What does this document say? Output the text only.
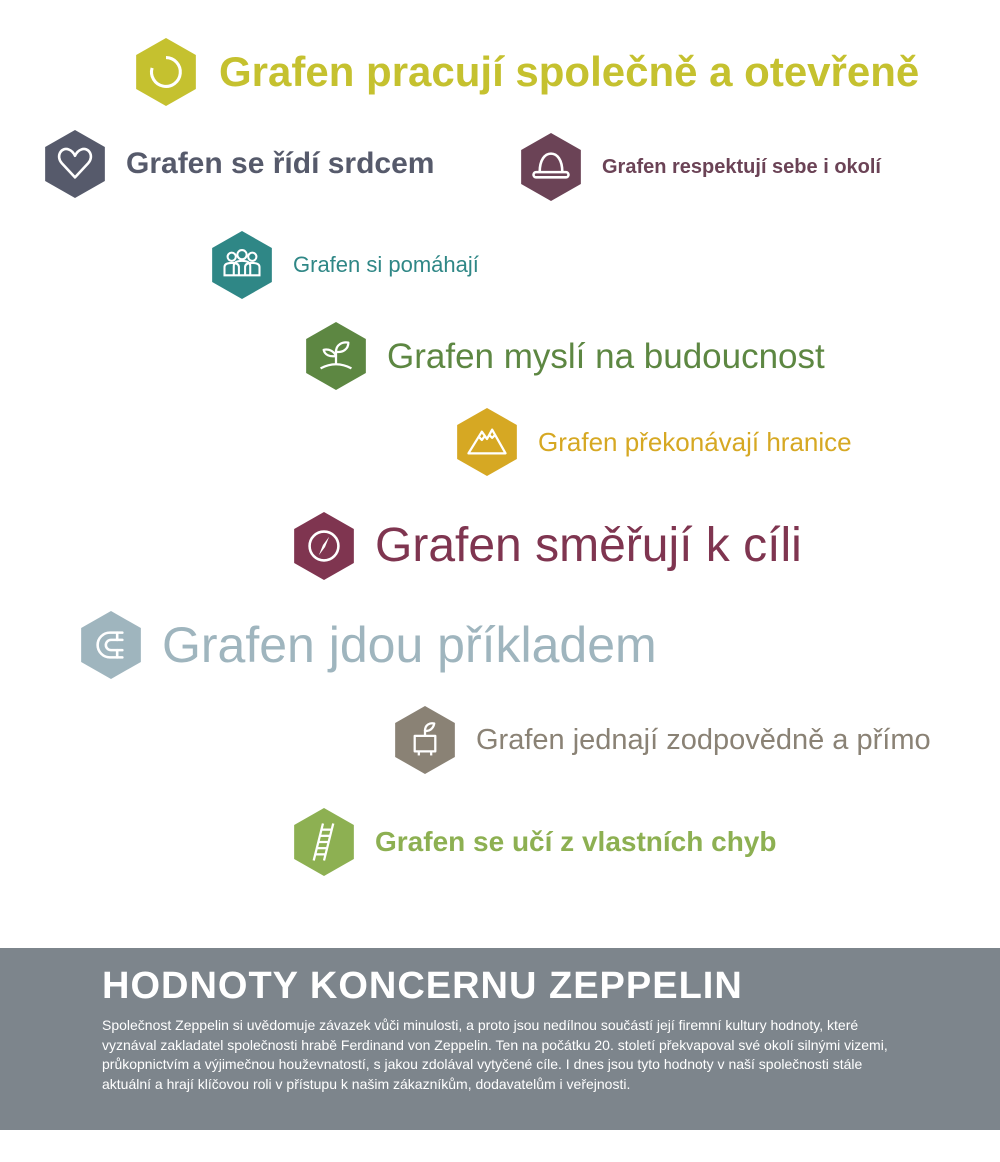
Grafen pracují společně a otevřeně
Grafen se řídí srdcem	Grafen respektují sebe i okolí
Grafen si pomáhají
Grafen myslí na budoucnost
Grafen překonávají hranice
Grafen směřují k cíli
Grafen jdou příkladem
Grafen jednají zodpovědně a přímo
Grafen se učí z vlastních chyb
HODNOTY KONCERNU ZEPPELIN

Společnost Zeppelin si uvědomuje závazek vůči minulosti, a proto jsou nedílnou součástí její firemní kultury hodnoty, které vyznával zakladatel společnosti hrabě Ferdinand von Zeppelin. Ten na počátku 20. století překvapoval své okolí silnými vizemi, průkopnictvím a výjimečnou houževnatostí, s jakou zdolával vytyčené cíle. I dnes jsou tyto hodnoty v naší společnosti stále aktuální a hrají klíčovou roli v přístupu k našim zákazníkům, dodavatelům i veřejnosti.
